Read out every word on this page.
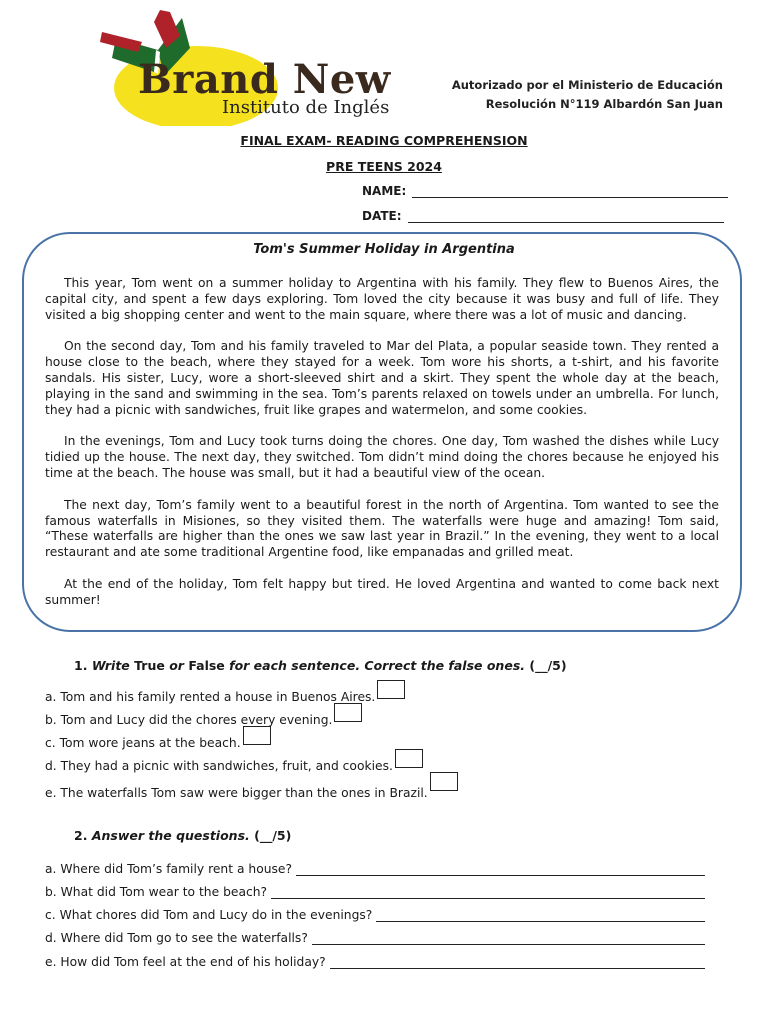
Brand New
Instituto de Inglés
Autorizado por el Ministerio de Educación
Resolución N°119 Albardón San Juan
FINAL EXAM- READING COMPREHENSION
PRE TEENS 2024
NAME:
DATE:
Tom's Summer Holiday in Argentina

This year, Tom went on a summer holiday to Argentina with his family. They flew to Buenos Aires, the capital city, and spent a few days exploring. Tom loved the city because it was busy and full of life. They visited a big shopping center and went to the main square, where there was a lot of music and dancing.

On the second day, Tom and his family traveled to Mar del Plata, a popular seaside town. They rented a house close to the beach, where they stayed for a week. Tom wore his shorts, a t-shirt, and his favorite sandals. His sister, Lucy, wore a short-sleeved shirt and a skirt. They spent the whole day at the beach, playing in the sand and swimming in the sea. Tom’s parents relaxed on towels under an umbrella. For lunch, they had a picnic with sandwiches, fruit like grapes and watermelon, and some cookies.

In the evenings, Tom and Lucy took turns doing the chores. One day, Tom washed the dishes while Lucy tidied up the house. The next day, they switched. Tom didn’t mind doing the chores because he enjoyed his time at the beach. The house was small, but it had a beautiful view of the ocean.

The next day, Tom’s family went to a beautiful forest in the north of Argentina. Tom wanted to see the famous waterfalls in Misiones, so they visited them. The waterfalls were huge and amazing! Tom said, “These waterfalls are higher than the ones we saw last year in Brazil.” In the evening, they went to a local restaurant and ate some traditional Argentine food, like empanadas and grilled meat.

At the end of the holiday, Tom felt happy but tired. He loved Argentina and wanted to come back next summer!

1. Write True or False for each sentence. Correct the false ones. (__/5)
a. Tom and his family rented a house in Buenos Aires.
b. Tom and Lucy did the chores every evening.
c. Tom wore jeans at the beach.
d. They had a picnic with sandwiches, fruit, and cookies.
e. The waterfalls Tom saw were bigger than the ones in Brazil.
2. Answer the questions. (__/5)
a. Where did Tom’s family rent a house?
b. What did Tom wear to the beach?
c. What chores did Tom and Lucy do in the evenings?
d. Where did Tom go to see the waterfalls?
e. How did Tom feel at the end of his holiday?
